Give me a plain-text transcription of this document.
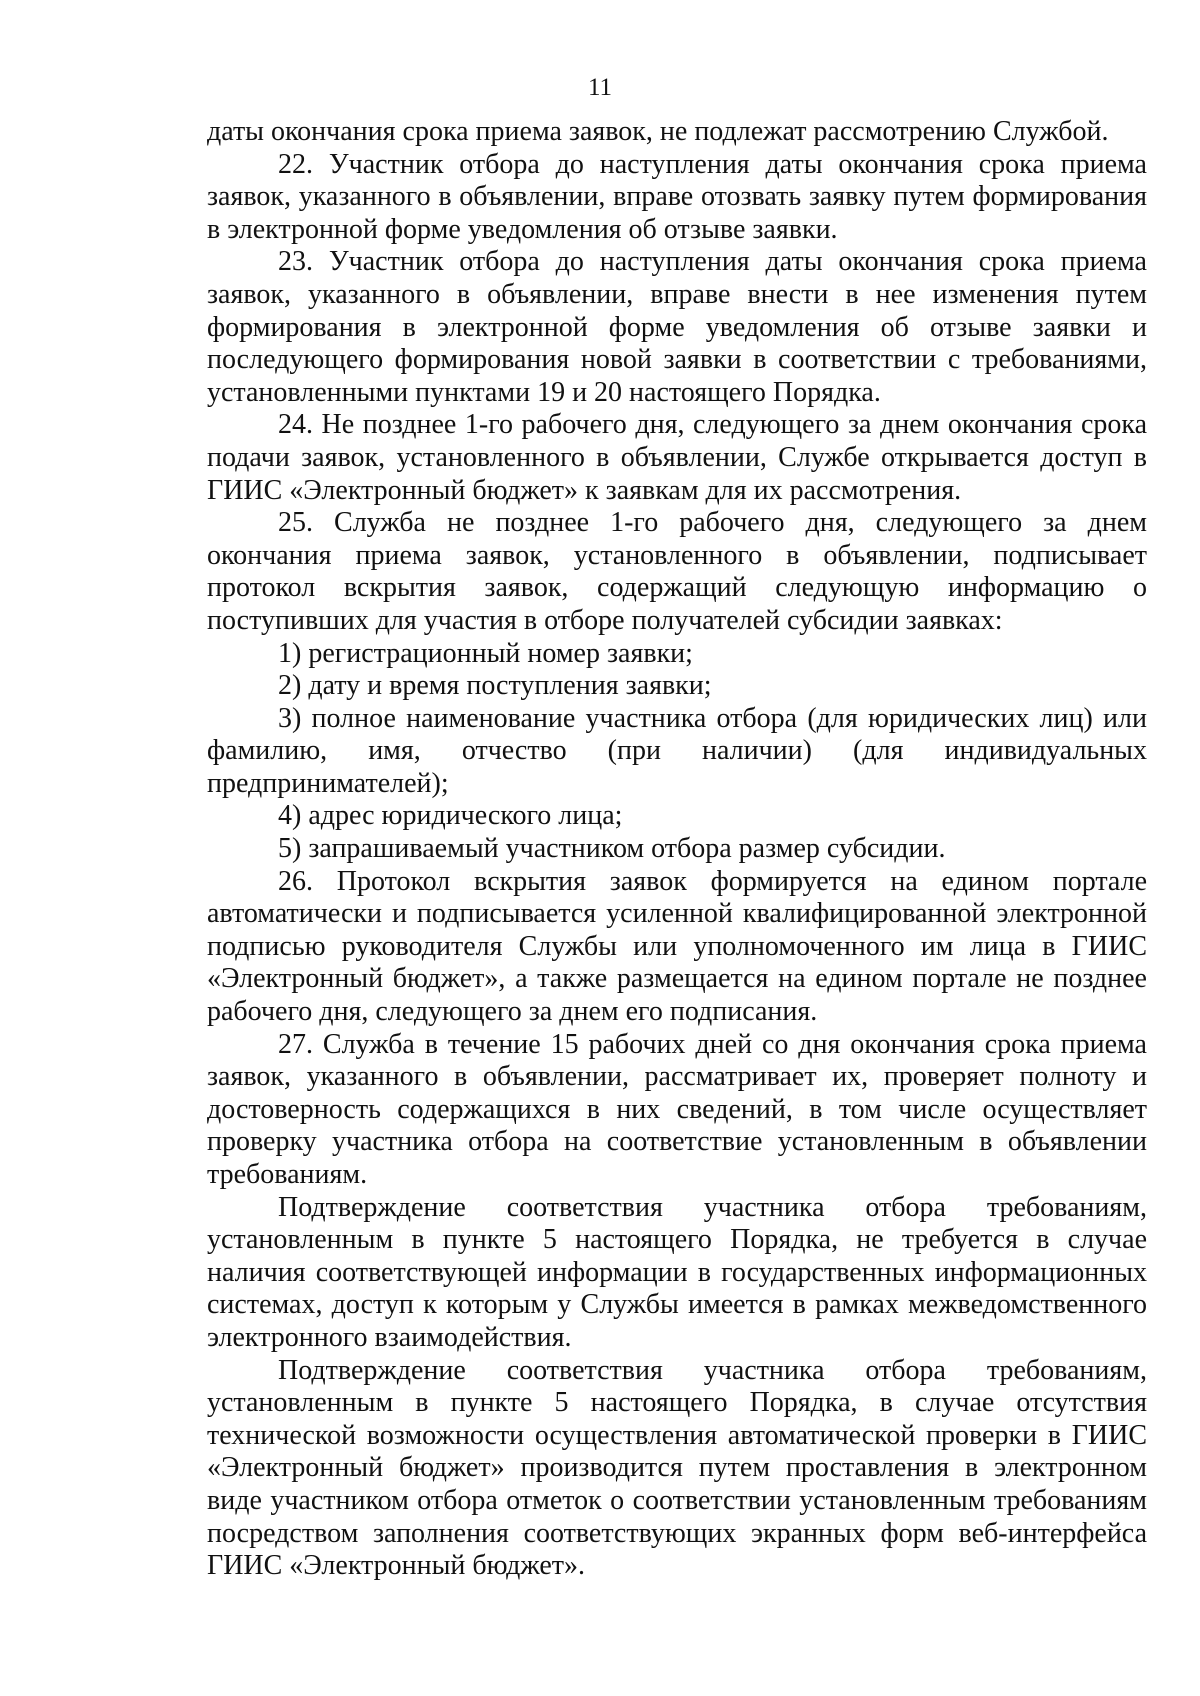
11

даты окончания срока приема заявок, не подлежат рассмотрению Службой.

22. Участник отбора до наступления даты окончания срока приема заявок, указанного в объявлении, вправе отозвать заявку путем формирования в электронной форме уведомления об отзыве заявки.

23. Участник отбора до наступления даты окончания срока приема заявок, указанного в объявлении, вправе внести в нее изменения путем формирования в электронной форме уведомления об отзыве заявки и последующего формирования новой заявки в соответствии с требованиями, установленными пунктами 19 и 20 настоящего Порядка.

24. Не позднее 1-го рабочего дня, следующего за днем окончания срока подачи заявок, установленного в объявлении, Службе открывается доступ в ГИИС «Электронный бюджет» к заявкам для их рассмотрения.

25. Служба не позднее 1-го рабочего дня, следующего за днем окончания приема заявок, установленного в объявлении, подписывает протокол вскрытия заявок, содержащий следующую информацию о поступивших для участия в отборе получателей субсидии заявках:

1) регистрационный номер заявки;

2) дату и время поступления заявки;

3) полное наименование участника отбора (для юридических лиц) или фамилию, имя, отчество (при наличии) (для индивидуальных предпринимателей);

4) адрес юридического лица;

5) запрашиваемый участником отбора размер субсидии.

26. Протокол вскрытия заявок формируется на едином портале автоматически и подписывается усиленной квалифицированной электронной подписью руководителя Службы или уполномоченного им лица в ГИИС «Электронный бюджет», а также размещается на едином портале не позднее рабочего дня, следующего за днем его подписания.

27. Служба в течение 15 рабочих дней со дня окончания срока приема заявок, указанного в объявлении, рассматривает их, проверяет полноту и достоверность содержащихся в них сведений, в том числе осуществляет проверку участника отбора на соответствие установленным в объявлении требованиям.

Подтверждение соответствия участника отбора требованиям, установленным в пункте 5 настоящего Порядка, не требуется в случае наличия соответствующей информации в государственных информационных системах, доступ к которым у Службы имеется в рамках межведомственного электронного взаимодействия.

Подтверждение соответствия участника отбора требованиям, установленным в пункте 5 настоящего Порядка, в случае отсутствия технической возможности осуществления автоматической проверки в ГИИС «Электронный бюджет» производится путем проставления в электронном виде участником отбора отметок о соответствии установленным требованиям посредством заполнения соответствующих экранных форм веб-интерфейса ГИИС «Электронный бюджет».
